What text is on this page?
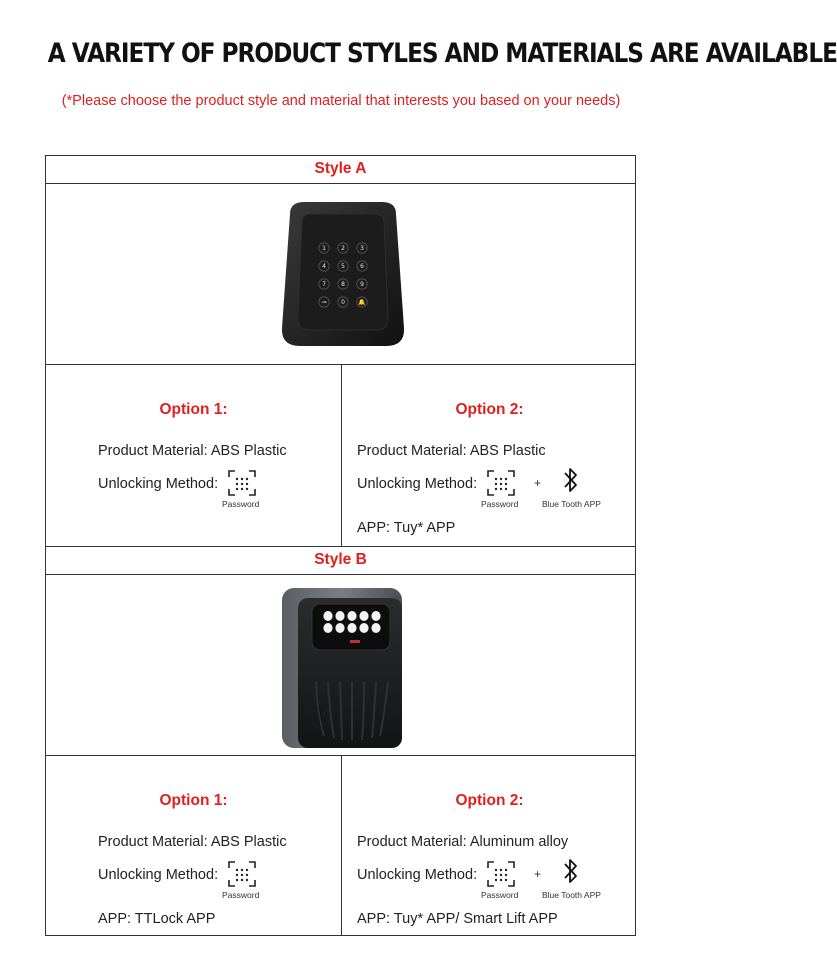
A VARIETY OF PRODUCT STYLES AND MATERIALS ARE AVAILABLE
(*Please choose the product style and material that interests you based on your needs)
Style A
1	2	3
4	5	6
7	8	9
⊸ 0 🔔
Option 1:
Product Material: ABS Plastic
Unlocking Method:
Password
Option 2:
Product Material: ABS Plastic
Unlocking Method:
Password
+
Blue Tooth APP
APP: Tuy* APP
Style B
Option 1:
Product Material: ABS Plastic
Unlocking Method:
Password
APP: TTLock APP
Option 2:
Product Material: Aluminum alloy
Unlocking Method:
Password
+
Blue Tooth APP
APP: Tuy* APP/ Smart Lift APP
